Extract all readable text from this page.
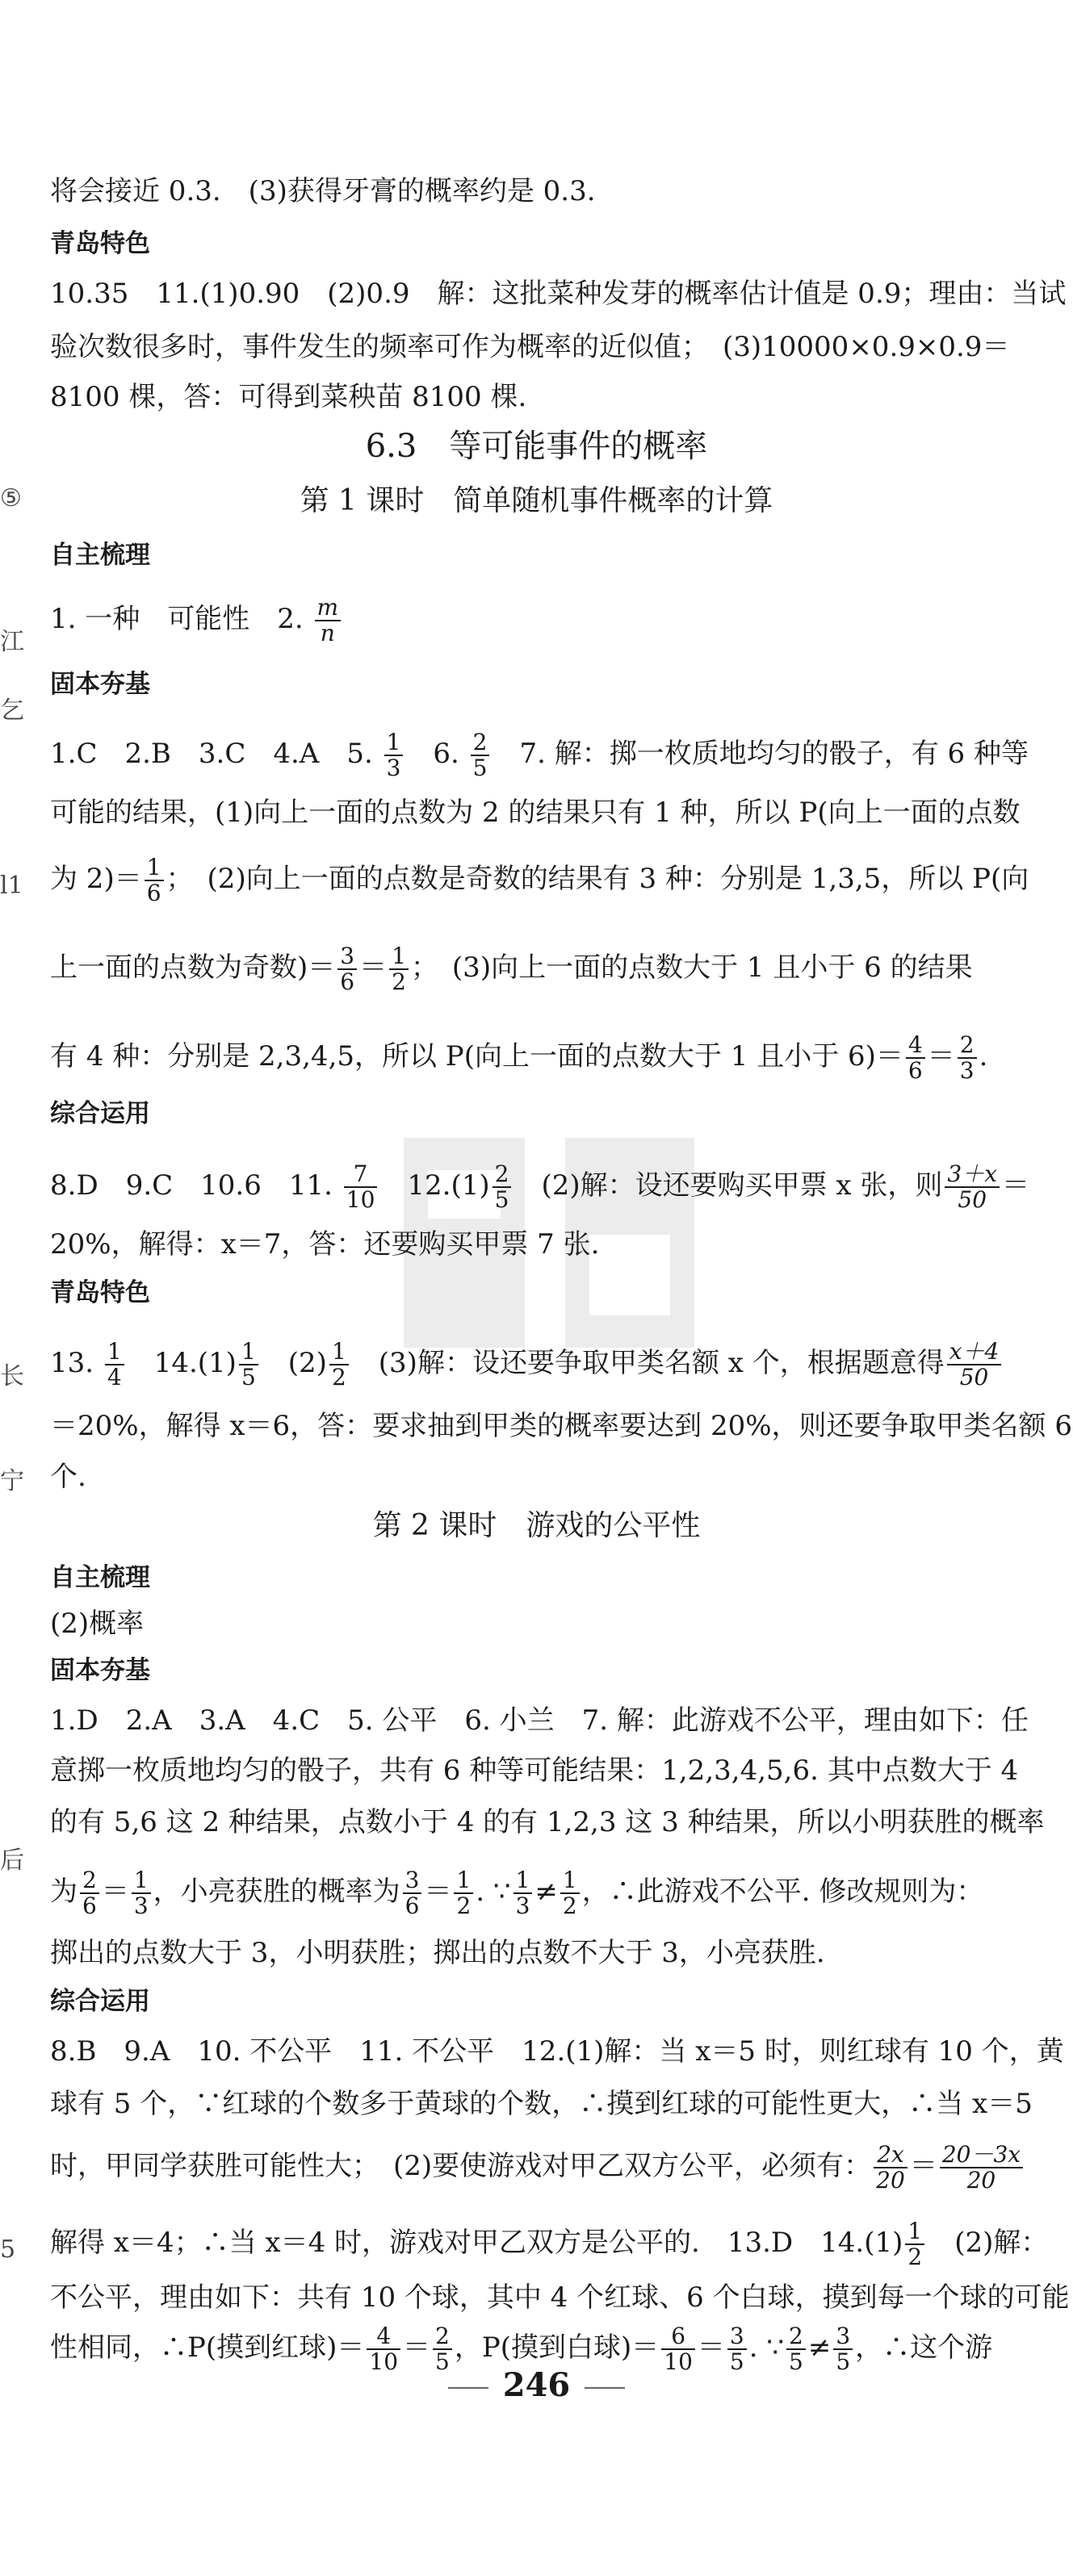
⑤
江
乞
l1
长
宁
后
5
将会接近 0.3.　(3)获得牙膏的概率约是 0.3.
青岛特色
10.35　11.(1)0.90　(2)0.9　解：这批菜种发芽的概率估计值是 0.9；理由：当试
验次数很多时，事件发生的频率可作为概率的近似值；　(3)10000×0.9×0.9＝
8100 棵，答：可得到菜秧苗 8100 棵.
6.3　等可能事件的概率
第 1 课时　简单随机事件概率的计算
自主梳理
1. 一种　可能性　2. $\frac{m}{n}$
固本夯基
1.C　2.B　3.C　4.A　5. $\frac{1}{3}$ 　6. $\frac{2}{5}$ 　7. 解：掷一枚质地均匀的骰子，有 6 种等
可能的结果，(1)向上一面的点数为 2 的结果只有 1 种，所以 P(向上一面的点数
为 $2)= \frac{1}{6}$ ；　(2)向上一面的点数是奇数的结果有 3 种：分别是 1,3,5，所以 P(向
上一面的点数为奇数)＝ $\frac{3}{6} = \frac{1}{2}$ ；　(3)向上一面的点数大于 1 且小于 6 的结果
有 4 种：分别是 2,3,4,5，所以 P(向上一面的点数大于 1 且小于 $6)= \frac{4}{6} = \frac{2}{3}$ .
综合运用
8.D　9.C　10.6　11. $\frac{7}{10}$ 　$12.(1) \frac{2}{5}$ 　(2)解：设还要购买甲票 x 张，则 $\frac{3+x}{50}$ ＝
20%，解得：x＝7，答：还要购买甲票 7 张.
青岛特色
13. $\frac{1}{4}$ 　$14.(1) \frac{1}{5}$ 　$(2) \frac{1}{2}$ 　(3)解：设还要争取甲类名额 x 个，根据题意得 $\frac{x+4}{50}$
＝20%，解得 x＝6，答：要求抽到甲类的概率要达到 20%，则还要争取甲类名额 6
个.
第 2 课时　游戏的公平性
自主梳理
(2)概率
固本夯基
1.D　2.A　3.A　4.C　5. 公平　6. 小兰　7. 解：此游戏不公平，理由如下：任
意掷一枚质地均匀的骰子，共有 6 种等可能结果：1,2,3,4,5,6. 其中点数大于 4
的有 5,6 这 2 种结果，点数小于 4 的有 1,2,3 这 3 种结果，所以小明获胜的概率
为 $\frac{2}{6} = \frac{1}{3}$ ，小亮获胜的概率为 $\frac{3}{6} = \frac{1}{2}$ . ∵ $\frac{1}{3} \ne \frac{1}{2}$ ，∴此游戏不公平. 修改规则为：
掷出的点数大于 3，小明获胜；掷出的点数不大于 3，小亮获胜.
综合运用
8.B　9.A　10. 不公平　11. 不公平　12.(1)解：当 x＝5 时，则红球有 10 个，黄
球有 5 个，∵红球的个数多于黄球的个数，∴摸到红球的可能性更大，∴当 x＝5
时，甲同学获胜可能性大；　(2)要使游戏对甲乙双方公平，必须有： $\frac{2x}{20} = \frac{20-3x}{20}$
解得 x＝4；∴当 x＝4 时，游戏对甲乙双方是公平的.　13.D　$14.(1) \frac{1}{2}$ 　(2)解：
不公平，理由如下：共有 10 个球，其中 4 个红球、6 个白球，摸到每一个球的可能
性相同，∴P(摸到红球)＝ $\frac{4}{10} = \frac{2}{5}$ ，P(摸到白球)＝ $\frac{6}{10} = \frac{3}{5}$ . ∵ $\frac{2}{5} \ne \frac{3}{5}$ ，∴这个游
246
